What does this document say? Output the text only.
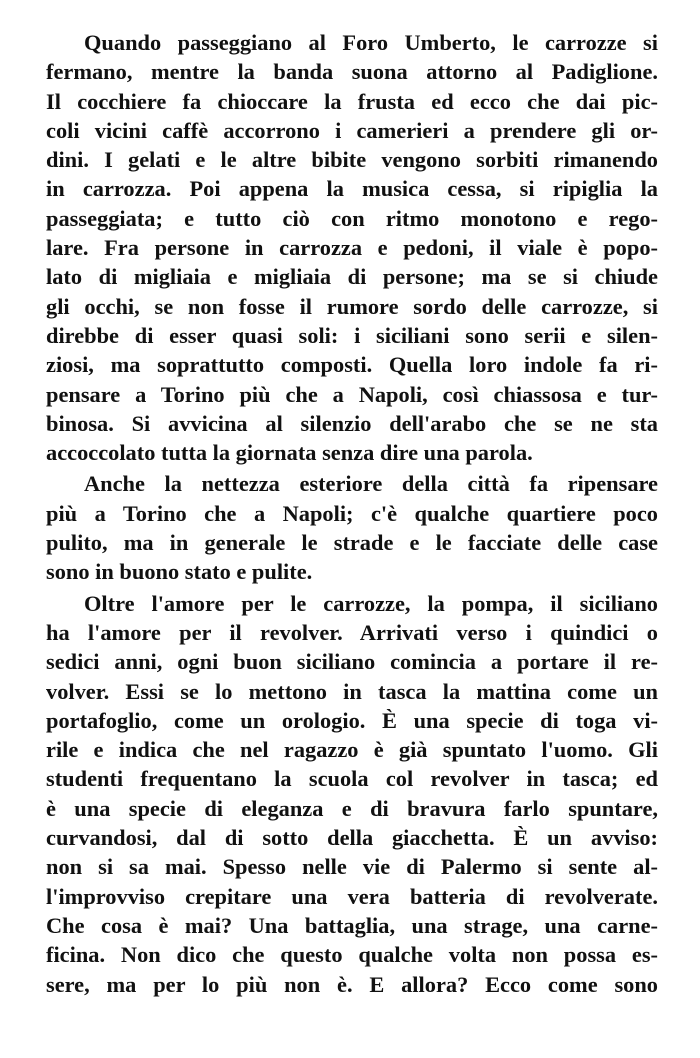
Quando passeggiano al Foro Umberto, le carrozze si
fermano, mentre la banda suona attorno al Padiglione.
Il cocchiere fa chioccare la frusta ed ecco che dai pic-
coli vicini caffè accorrono i camerieri a prendere gli or-
dini. I gelati e le altre bibite vengono sorbiti rimanendo
in carrozza. Poi appena la musica cessa, si ripiglia la
passeggiata; e tutto ciò con ritmo monotono e rego-
lare. Fra persone in carrozza e pedoni, il viale è popo-
lato di migliaia e migliaia di persone; ma se si chiude
gli occhi, se non fosse il rumore sordo delle carrozze, si
direbbe di esser quasi soli: i siciliani sono serii e silen-
ziosi, ma soprattutto composti. Quella loro indole fa ri-
pensare a Torino più che a Napoli, così chiassosa e tur-
binosa. Si avvicina al silenzio dell'arabo che se ne sta
accoccolato tutta la giornata senza dire una parola.
Anche la nettezza esteriore della città fa ripensare
più a Torino che a Napoli; c'è qualche quartiere poco
pulito, ma in generale le strade e le facciate delle case
sono in buono stato e pulite.
Oltre l'amore per le carrozze, la pompa, il siciliano
ha l'amore per il revolver. Arrivati verso i quindici o
sedici anni, ogni buon siciliano comincia a portare il re-
volver. Essi se lo mettono in tasca la mattina come un
portafoglio, come un orologio. È una specie di toga vi-
rile e indica che nel ragazzo è già spuntato l'uomo. Gli
studenti frequentano la scuola col revolver in tasca; ed
è una specie di eleganza e di bravura farlo spuntare,
curvandosi, dal di sotto della giacchetta. È un avviso:
non si sa mai. Spesso nelle vie di Palermo si sente al-
l'improvviso crepitare una vera batteria di revolverate.
Che cosa è mai? Una battaglia, una strage, una carne-
ficina. Non dico che questo qualche volta non possa es-
sere, ma per lo più non è. E allora? Ecco come sono
